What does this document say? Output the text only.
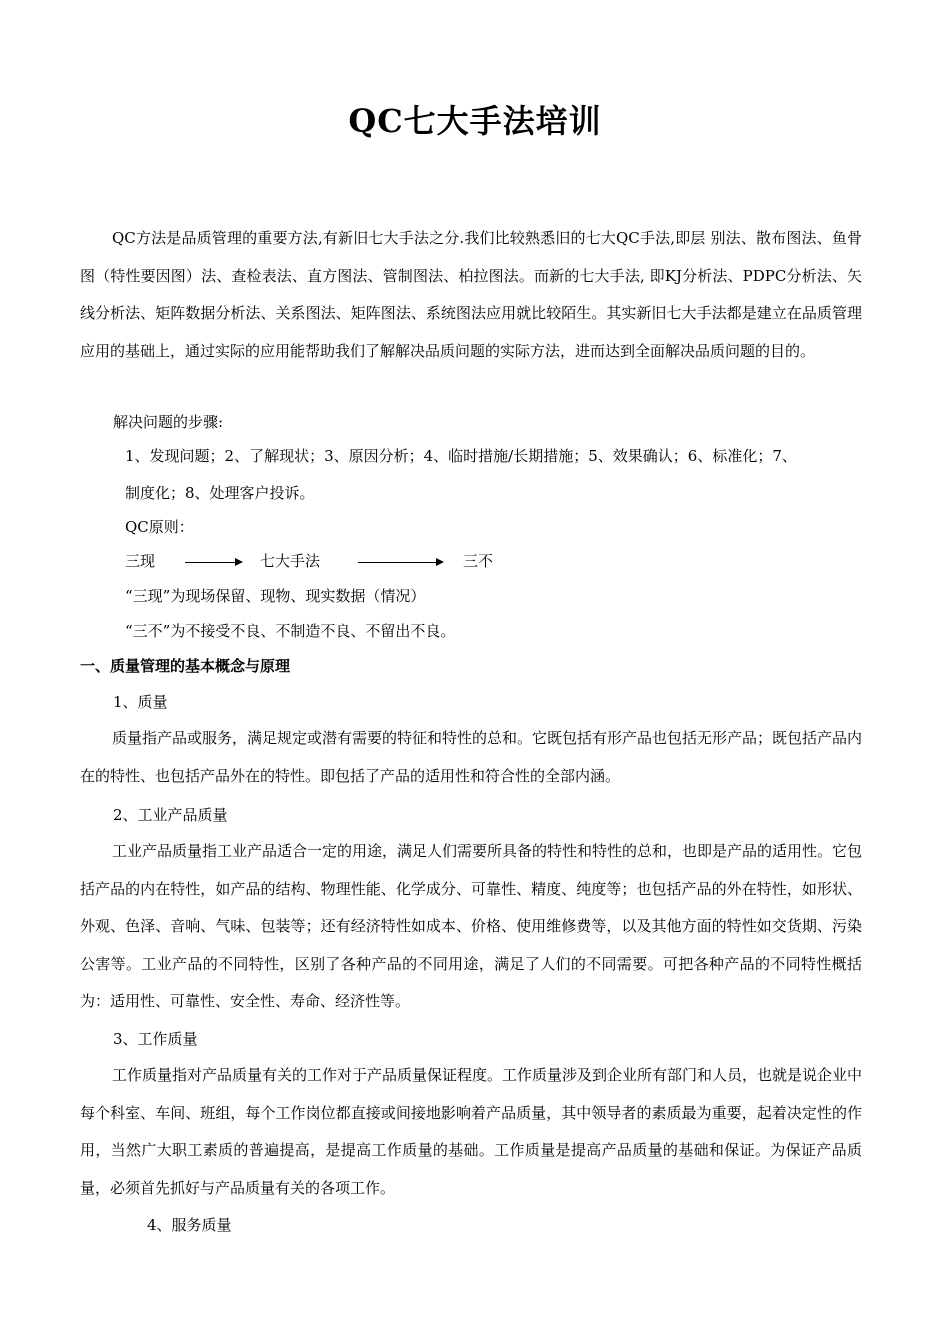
QC七大手法培训

QC方法是品质管理的重要方法,有新旧七大手法之分.我们比较熟悉旧的七大QC手法,即层 别法、散布图法、鱼骨图（特性要因图）法、查检表法、直方图法、管制图法、柏拉图法。而新的七大手法, 即KJ分析法、PDPC分析法、矢线分析法、矩阵数据分析法、关系图法、矩阵图法、系统图法应用就比较陌生。其实新旧七大手法都是建立在品质管理应用的基础上，通过实际的应用能帮助我们了解解决品质问题的实际方法，进而达到全面解决品质问题的目的。

解决问题的步骤:
1、发现问题；2、了解现状；3、原因分析；4、临时措施/长期措施；5、效果确认；6、标准化；7、
制度化；8、处理客户投诉。
QC原则：
三现	七大手法	三不
“三现”为现场保留、现物、现实数据（情况）
“三不”为不接受不良、不制造不良、不留出不良。
一、质量管理的基本概念与原理
1、质量

质量指产品或服务，满足规定或潜有需要的特征和特性的总和。它既包括有形产品也包括无形产品；既包括产品内在的特性、也包括产品外在的特性。即包括了产品的适用性和符合性的全部内涵。

2、工业产品质量

工业产品质量指工业产品适合一定的用途，满足人们需要所具备的特性和特性的总和，也即是产品的适用性。它包括产品的内在特性，如产品的结构、物理性能、化学成分、可靠性、精度、纯度等；也包括产品的外在特性，如形状、外观、色泽、音响、气味、包装等；还有经济特性如成本、价格、使用维修费等，以及其他方面的特性如交货期、污染公害等。工业产品的不同特性，区别了各种产品的不同用途，满足了人们的不同需要。可把各种产品的不同特性概括为：适用性、可靠性、安全性、寿命、经济性等。

3、工作质量

工作质量指对产品质量有关的工作对于产品质量保证程度。工作质量涉及到企业所有部门和人员，也就是说企业中每个科室、车间、班组，每个工作岗位都直接或间接地影响着产品质量，其中领导者的素质最为重要，起着决定性的作用，当然广大职工素质的普遍提高，是提高工作质量的基础。工作质量是提高产品质量的基础和保证。为保证产品质量，必须首先抓好与产品质量有关的各项工作。

4、服务质量
